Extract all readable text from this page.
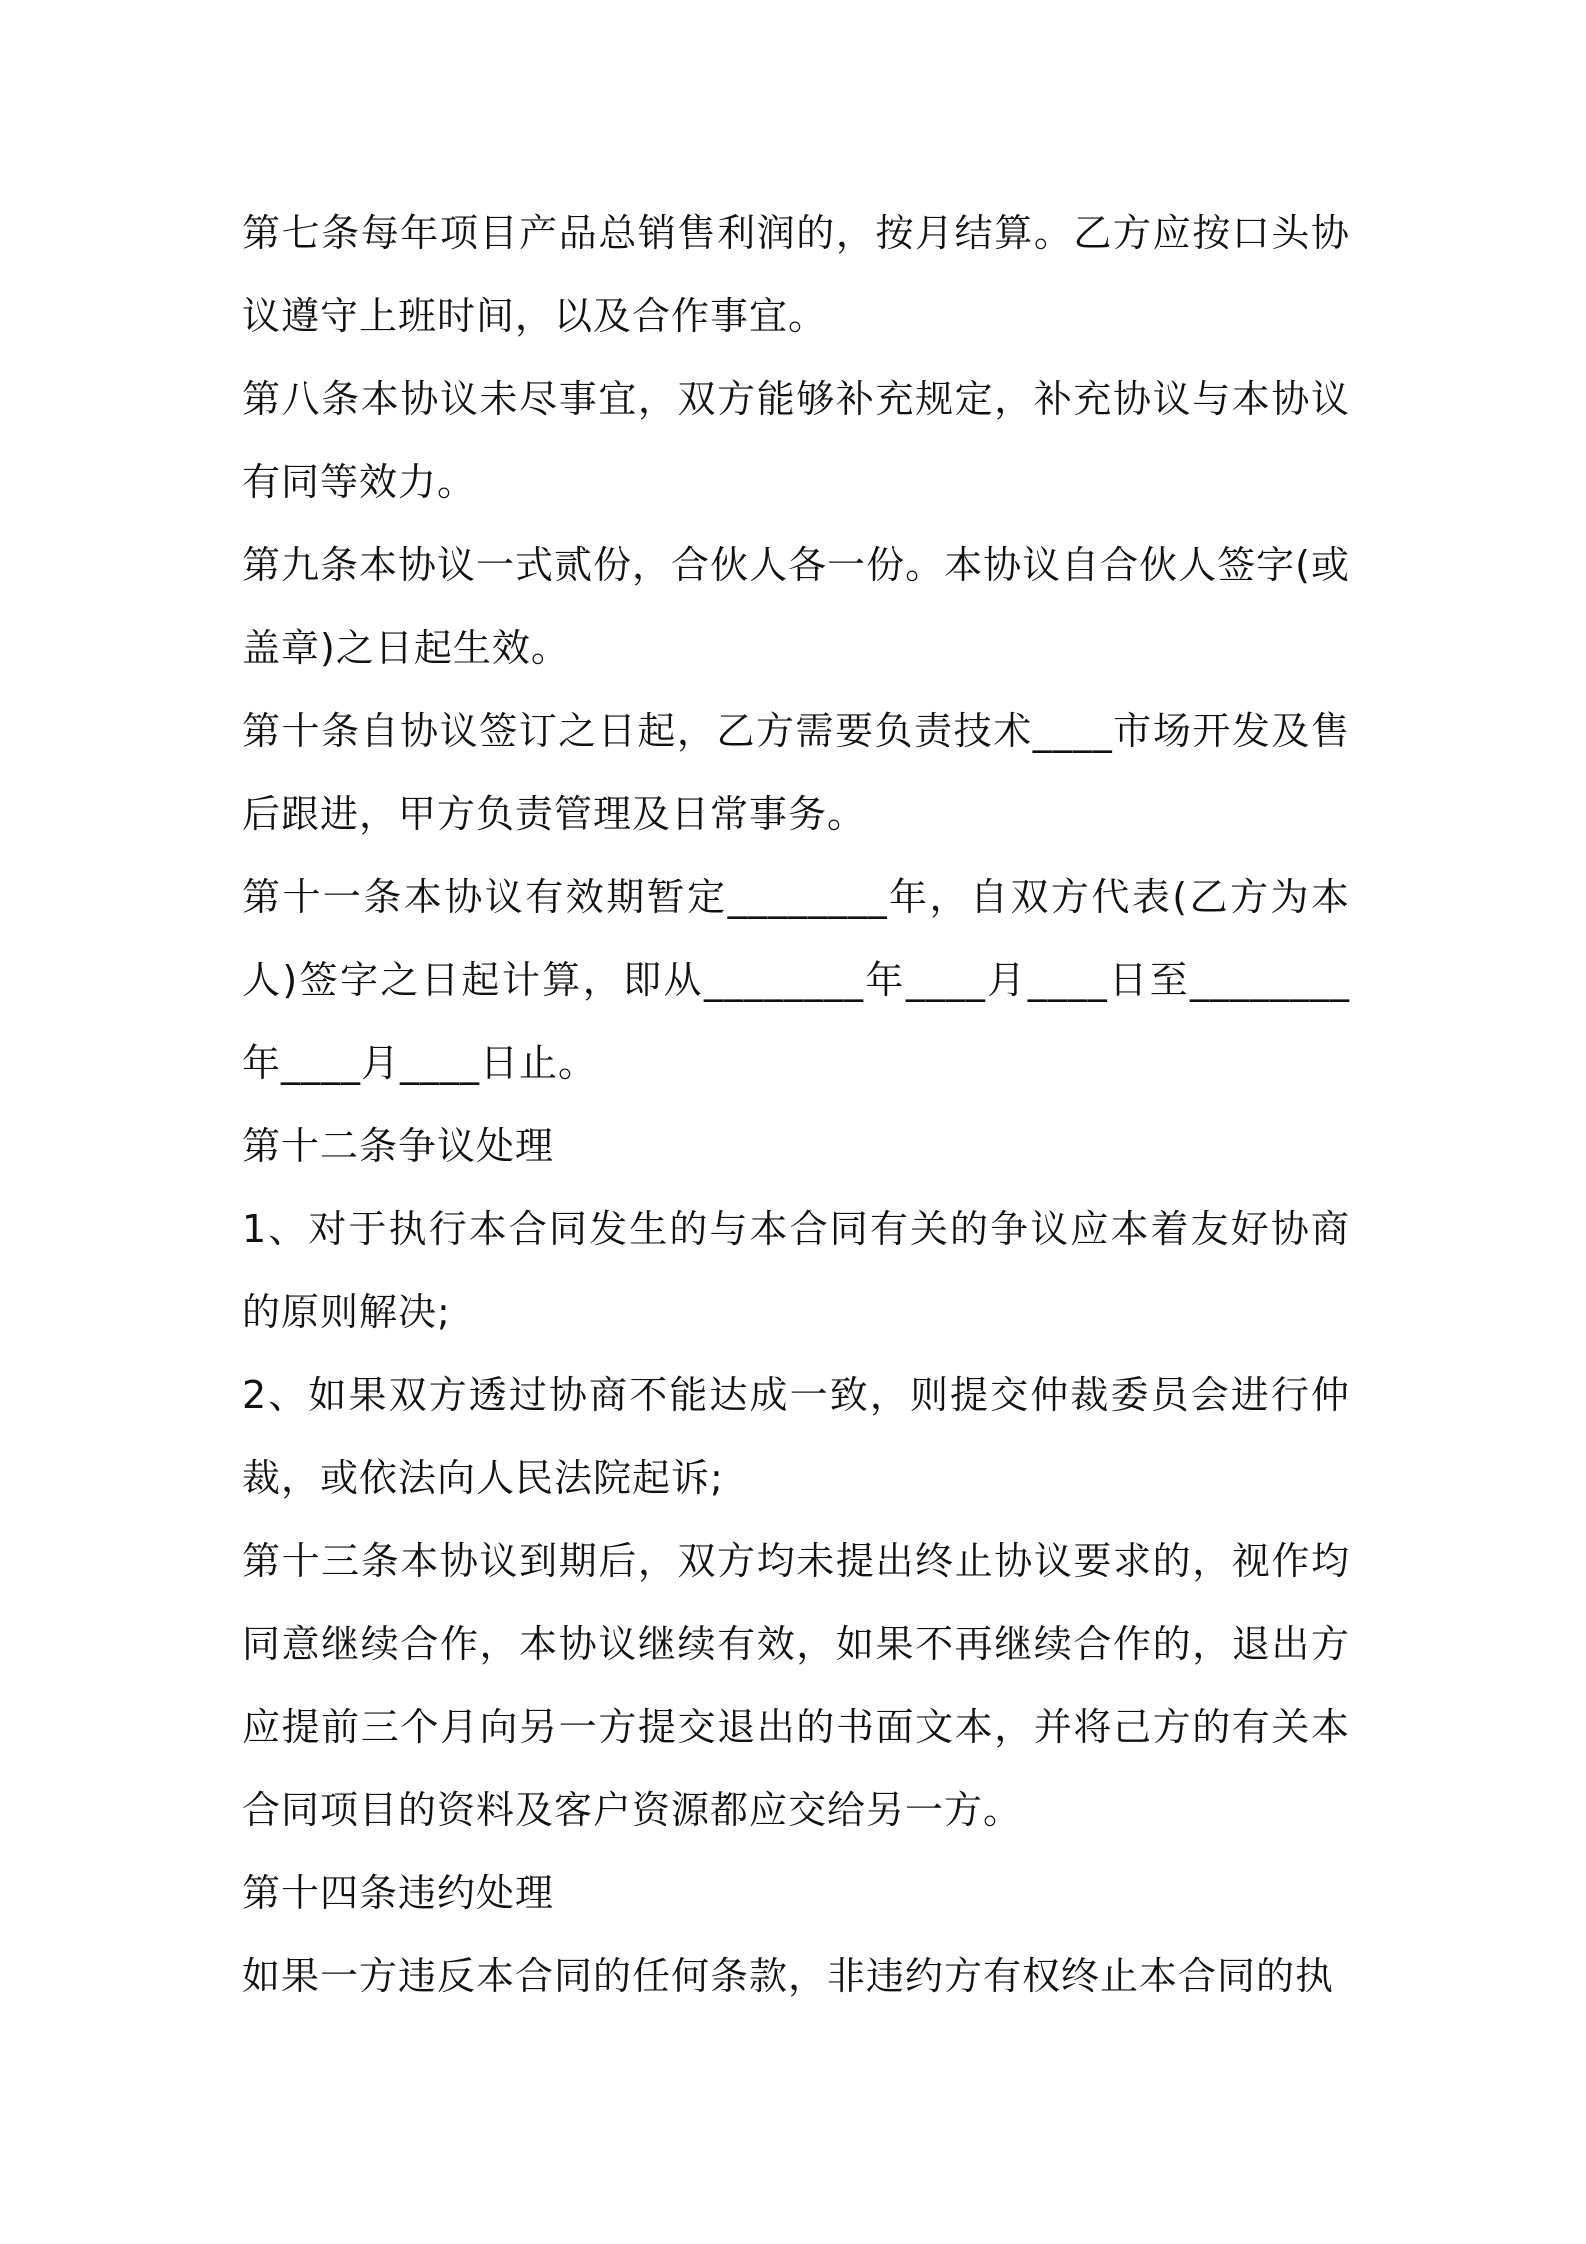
第七条每年项目产品总销售利润的，按月结算。乙方应按口头协议遵守上班时间，以及合作事宜。

第八条本协议未尽事宜，双方能够补充规定，补充协议与本协议有同等效力。

第九条本协议一式贰份，合伙人各一份。本协议自合伙人签字(或盖章)之日起生效。

第十条自协议签订之日起，乙方需要负责技术____市场开发及售后跟进，甲方负责管理及日常事务。

第十一条本协议有效期暂定________年，自双方代表(乙方为本人)签字之日起计算，即从________年____月____日至________年____月____日止。

第十二条争议处理

1、对于执行本合同发生的与本合同有关的争议应本着友好协商的原则解决;

2、如果双方透过协商不能达成一致，则提交仲裁委员会进行仲裁，或依法向人民法院起诉;

第十三条本协议到期后，双方均未提出终止协议要求的，视作均同意继续合作，本协议继续有效，如果不再继续合作的，退出方应提前三个月向另一方提交退出的书面文本，并将己方的有关本合同项目的资料及客户资源都应交给另一方。

第十四条违约处理

如果一方违反本合同的任何条款，非违约方有权终止本合同的执
